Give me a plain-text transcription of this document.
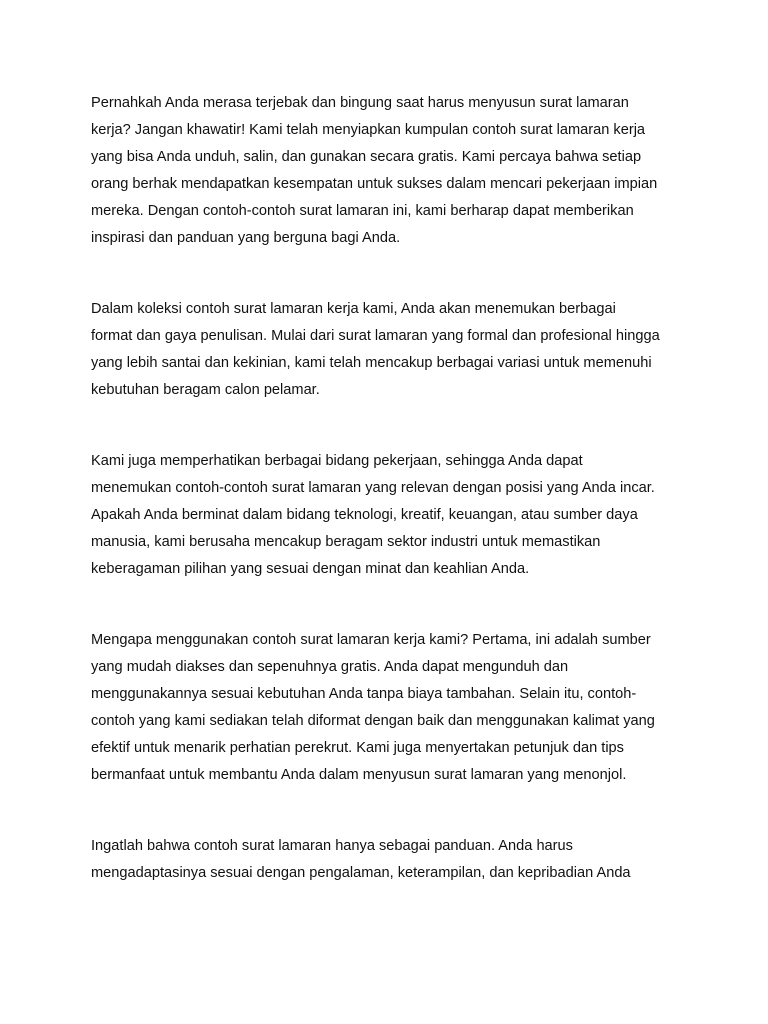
Pernahkah Anda merasa terjebak dan bingung saat harus menyusun surat lamaran
kerja? Jangan khawatir! Kami telah menyiapkan kumpulan contoh surat lamaran kerja
yang bisa Anda unduh, salin, dan gunakan secara gratis. Kami percaya bahwa setiap
orang berhak mendapatkan kesempatan untuk sukses dalam mencari pekerjaan impian
mereka. Dengan contoh-contoh surat lamaran ini, kami berharap dapat memberikan
inspirasi dan panduan yang berguna bagi Anda.

Dalam koleksi contoh surat lamaran kerja kami, Anda akan menemukan berbagai
format dan gaya penulisan. Mulai dari surat lamaran yang formal dan profesional hingga
yang lebih santai dan kekinian, kami telah mencakup berbagai variasi untuk memenuhi
kebutuhan beragam calon pelamar.

Kami juga memperhatikan berbagai bidang pekerjaan, sehingga Anda dapat
menemukan contoh-contoh surat lamaran yang relevan dengan posisi yang Anda incar.
Apakah Anda berminat dalam bidang teknologi, kreatif, keuangan, atau sumber daya
manusia, kami berusaha mencakup beragam sektor industri untuk memastikan
keberagaman pilihan yang sesuai dengan minat dan keahlian Anda.

Mengapa menggunakan contoh surat lamaran kerja kami? Pertama, ini adalah sumber
yang mudah diakses dan sepenuhnya gratis. Anda dapat mengunduh dan
menggunakannya sesuai kebutuhan Anda tanpa biaya tambahan. Selain itu, contoh-
contoh yang kami sediakan telah diformat dengan baik dan menggunakan kalimat yang
efektif untuk menarik perhatian perekrut. Kami juga menyertakan petunjuk dan tips
bermanfaat untuk membantu Anda dalam menyusun surat lamaran yang menonjol.

Ingatlah bahwa contoh surat lamaran hanya sebagai panduan. Anda harus
mengadaptasinya sesuai dengan pengalaman, keterampilan, dan kepribadian Anda
